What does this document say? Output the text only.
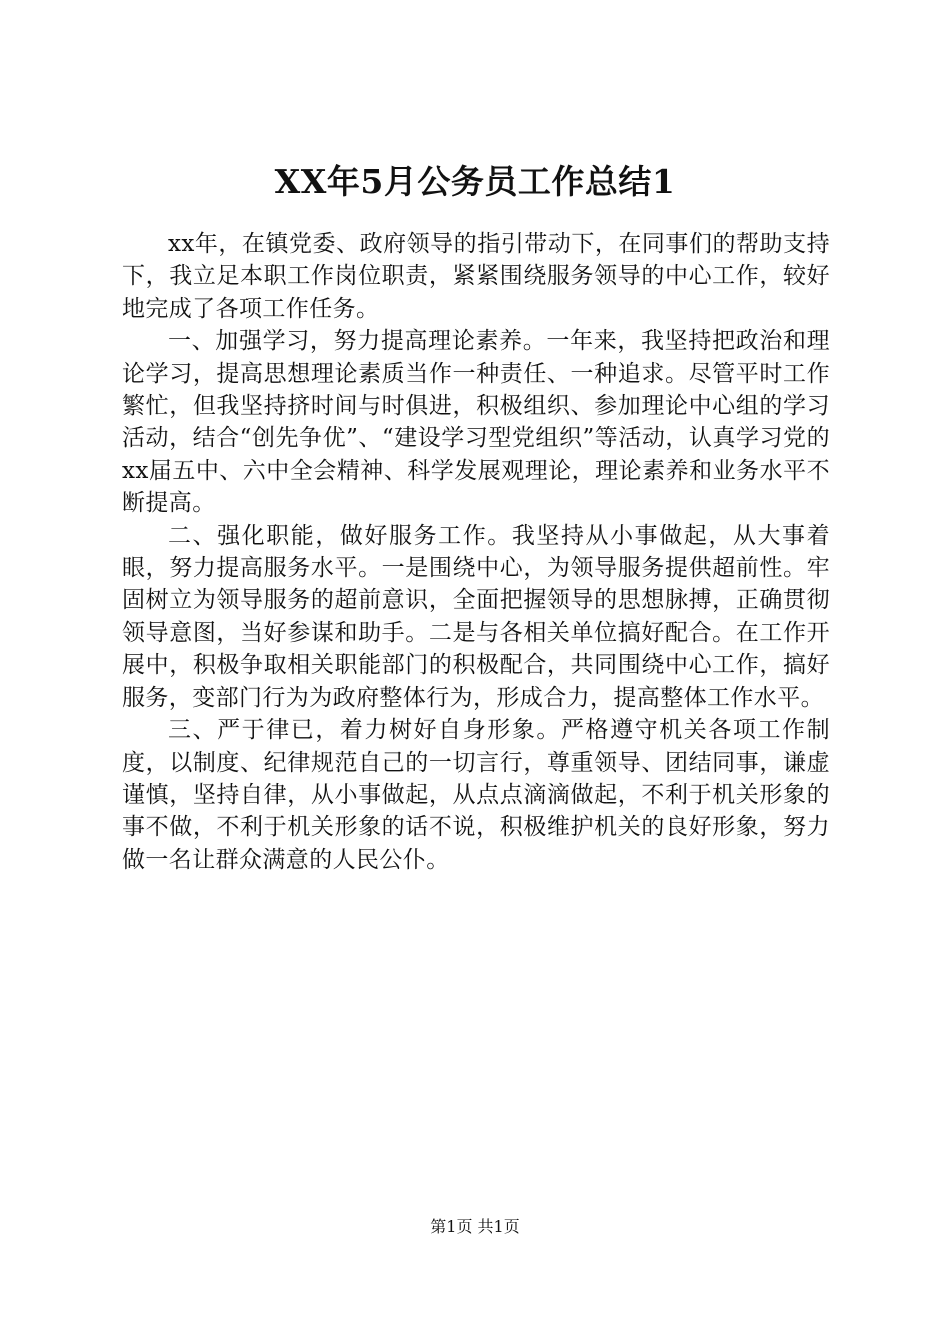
XX年5月公务员工作总结1

xx年，在镇党委、政府领导的指引带动下，在同事们的帮助支持下，我立足本职工作岗位职责，紧紧围绕服务领导的中心工作，较好地完成了各项工作任务。

一、加强学习，努力提高理论素养。一年来，我坚持把政治和理论学习，提高思想理论素质当作一种责任、一种追求。尽管平时工作繁忙，但我坚持挤时间与时俱进，积极组织、参加理论中心组的学习活动，结合“创先争优”、“建设学习型党组织”等活动，认真学习党的xx届五中、六中全会精神、科学发展观理论，理论素养和业务水平不断提高。

二、强化职能，做好服务工作。我坚持从小事做起，从大事着眼，努力提高服务水平。一是围绕中心，为领导服务提供超前性。牢固树立为领导服务的超前意识，全面把握领导的思想脉搏，正确贯彻领导意图，当好参谋和助手。二是与各相关单位搞好配合。在工作开展中，积极争取相关职能部门的积极配合，共同围绕中心工作，搞好服务，变部门行为为政府整体行为，形成合力，提高整体工作水平。

三、严于律已，着力树好自身形象。严格遵守机关各项工作制度，以制度、纪律规范自己的一切言行，尊重领导、团结同事，谦虚谨慎，坚持自律，从小事做起，从点点滴滴做起，不利于机关形象的事不做，不利于机关形象的话不说，积极维护机关的良好形象，努力做一名让群众满意的人民公仆。

第1页 共1页
